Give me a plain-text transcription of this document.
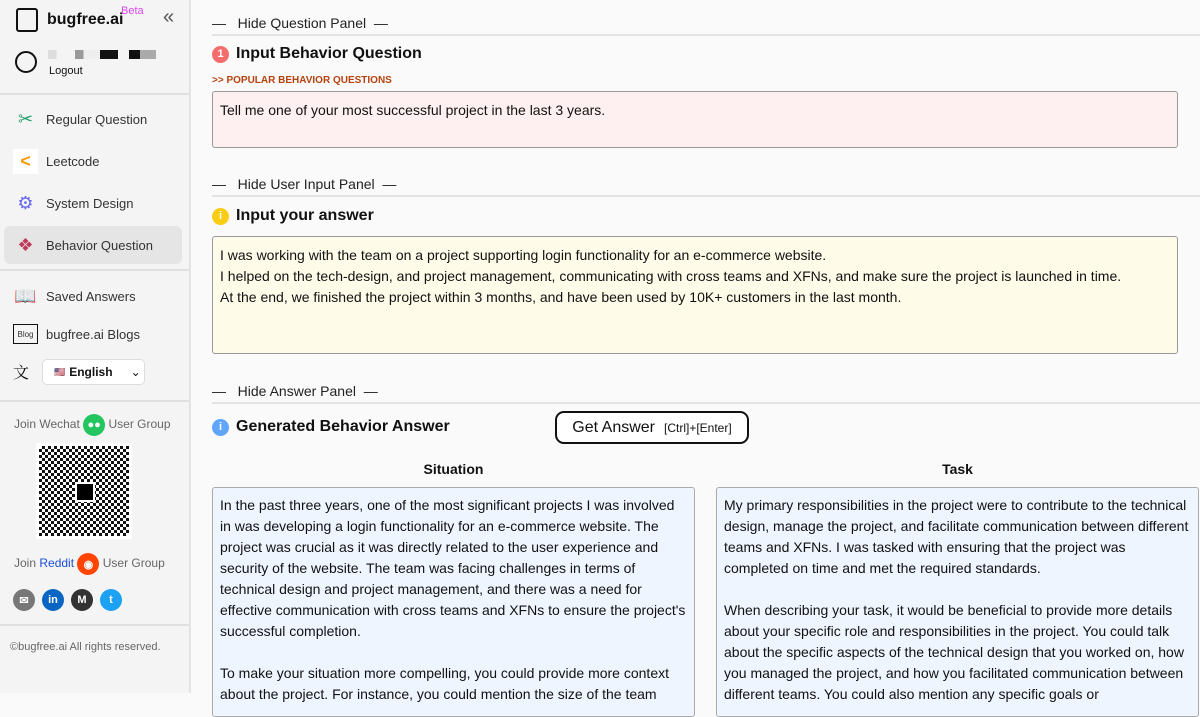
bugfree.ai
Beta «
Logout
✂ Regular Question
<	Leetcode
⚙ System Design
❖ Behavior Question
📖 Saved Answers
Blog bugfree.ai Blogs
文	🇺🇸 English ⌄
Join Wechat ●● User Group
Join Reddit ◉ User Group
✉	in	M	t
©bugfree.ai All rights reserved.
—   Hide Question Panel  —
1 Input Behavior Question
>> POPULAR BEHAVIOR QUESTIONS
Tell me one of your most successful project in the last 3 years.
—   Hide User Input Panel  —
i Input your answer
I was working with the team on a project supporting login functionality for an e-commerce website.
I helped on the tech-design, and project management, communicating with cross teams and XFNs, and make sure the project is launched in time.
At the end, we finished the project within 3 months, and have been used by 10K+ customers in the last month.
—   Hide Answer Panel  —
i Generated Behavior Answer	Get Answer [Ctrl]+[Enter]
Situation
In the past three years, one of the most significant projects I was involved in was developing a login functionality for an e-commerce website. The project was crucial as it was directly related to the user experience and security of the website. The team was facing challenges in terms of technical design and project management, and there was a need for effective communication with cross teams and XFNs to ensure the project's successful completion.

To make your situation more compelling, you could provide more context about the project. For instance, you could mention the size of the team
Task
My primary responsibilities in the project were to contribute to the technical design, manage the project, and facilitate communication between different teams and XFNs. I was tasked with ensuring that the project was completed on time and met the required standards.

When describing your task, it would be beneficial to provide more details about your specific role and responsibilities in the project. You could talk about the specific aspects of the technical design that you worked on, how you managed the project, and how you facilitated communication between different teams. You could also mention any specific goals or
